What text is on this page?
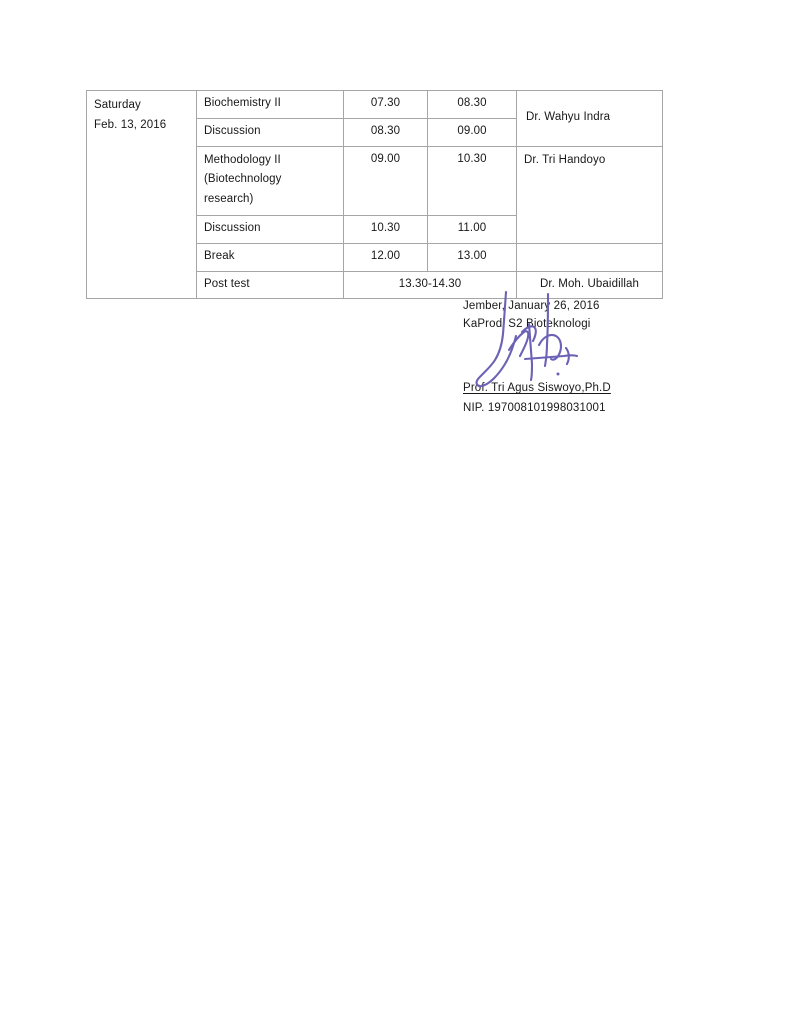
Saturday
Feb. 13, 2016	Biochemistry II	07.30	08.30	Dr. Wahyu Indra
	Discussion	08.30	09.00	

	Methodology II
(Biotechnology
research)	09.00	10.30	Dr. Tri Handoyo
	Discussion	10.30	11.00	
	Break	12.00	13.00	
	Post test	13.30-14.30		Dr. Moh. Ubaidillah
Jember, January 26, 2016
KaProdi S2 Bioteknologi
Prof. Tri Agus Siswoyo,Ph.D
NIP. 197008101998031001
